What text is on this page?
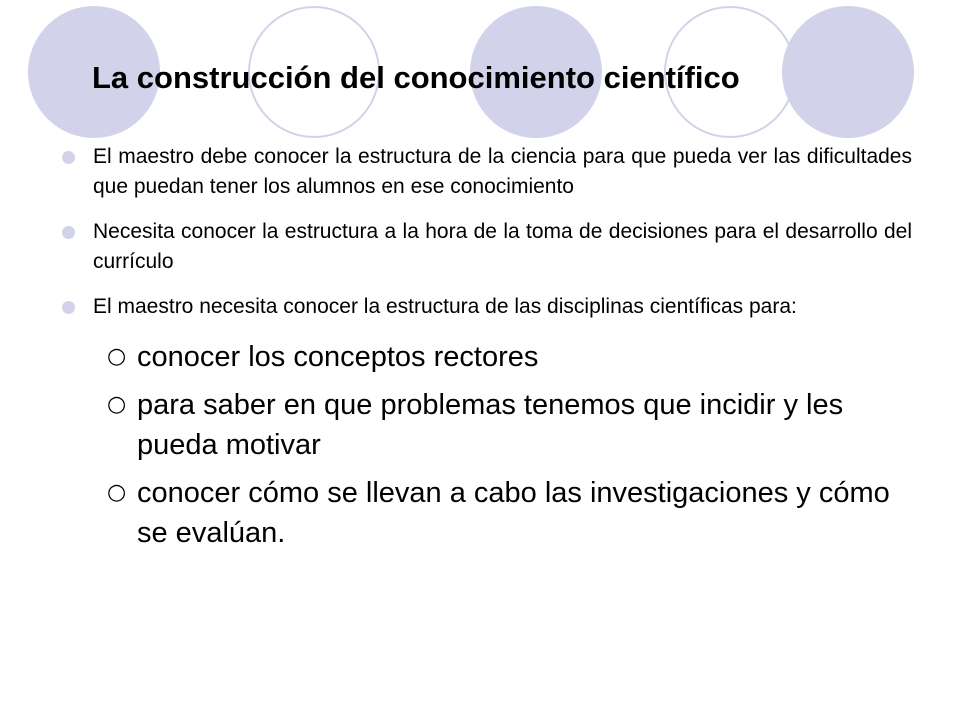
La construcción del conocimiento científico
El maestro debe conocer la estructura de la ciencia para que pueda ver las dificultades que puedan tener los alumnos en ese conocimiento
Necesita conocer la estructura a la hora de la toma de decisiones para el desarrollo del currículo
El maestro necesita conocer la estructura de las disciplinas científicas para:
○ conocer los conceptos rectores
○ para saber en que problemas tenemos que incidir y les pueda motivar
○ conocer cómo se llevan a cabo las investigaciones y cómo se evalúan.
